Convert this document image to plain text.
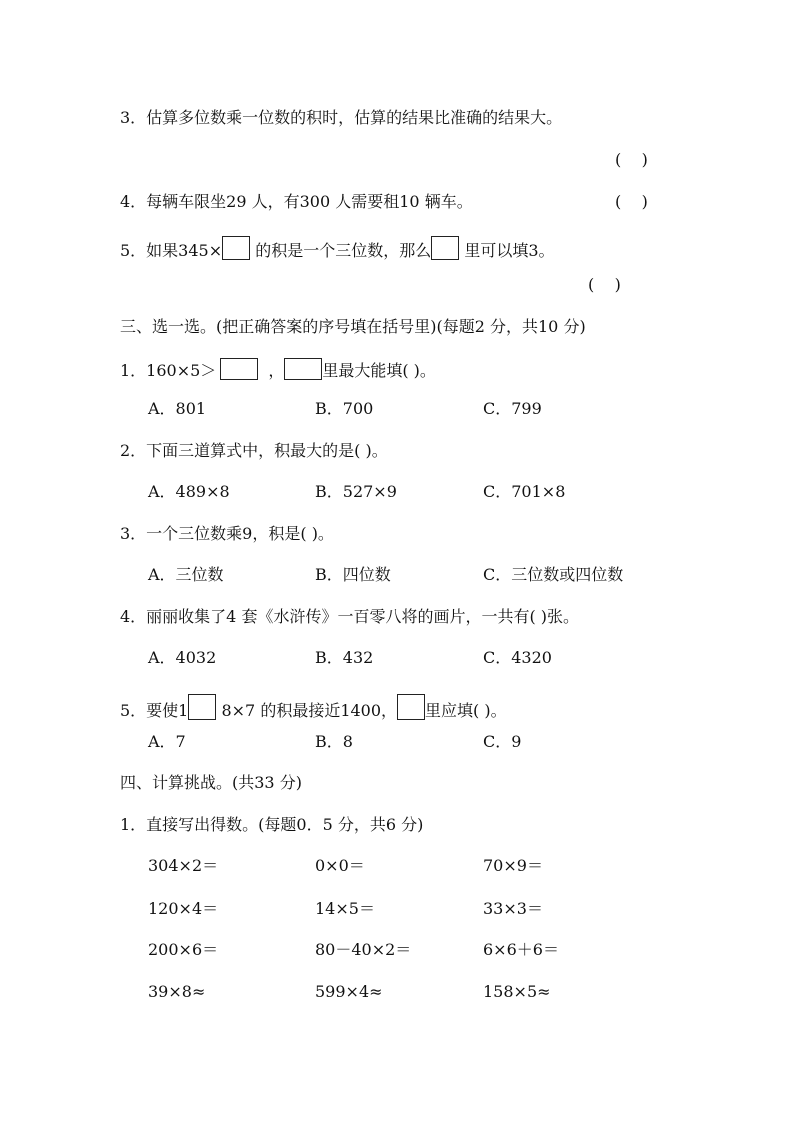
3．估算多位数乘一位数的积时，估算的结果比准确的结果大。
(    )
4．每辆车限坐29 人，有300 人需要租10 辆车。	(    )
5．如果345× 的积是一个三位数，那么 里可以填3。
(    )
三、选一选。(把正确答案的序号填在括号里)(每题2 分，共10 分)
1．160×5＞	， 里最大能填( )。
A．801	B．700	C．799
2．下面三道算式中，积最大的是( )。
A．489×8	B．527×9	C．701×8
3．一个三位数乘9，积是( )。
A．三位数	B．四位数	C．三位数或四位数
4．丽丽收集了4 套《水浒传》一百零八将的画片，一共有( )张。
A．4032	B．432	C．4320
5．要使1 8×7 的积最接近1400， 里应填( )。
A．7	B．8	C．9
四、计算挑战。(共33 分)
1．直接写出得数。(每题0．5 分，共6 分)
304×2＝	0×0＝	70×9＝
120×4＝	14×5＝	33×3＝
200×6＝	80－40×2＝	6×6＋6＝
39×8≈	599×4≈	158×5≈
